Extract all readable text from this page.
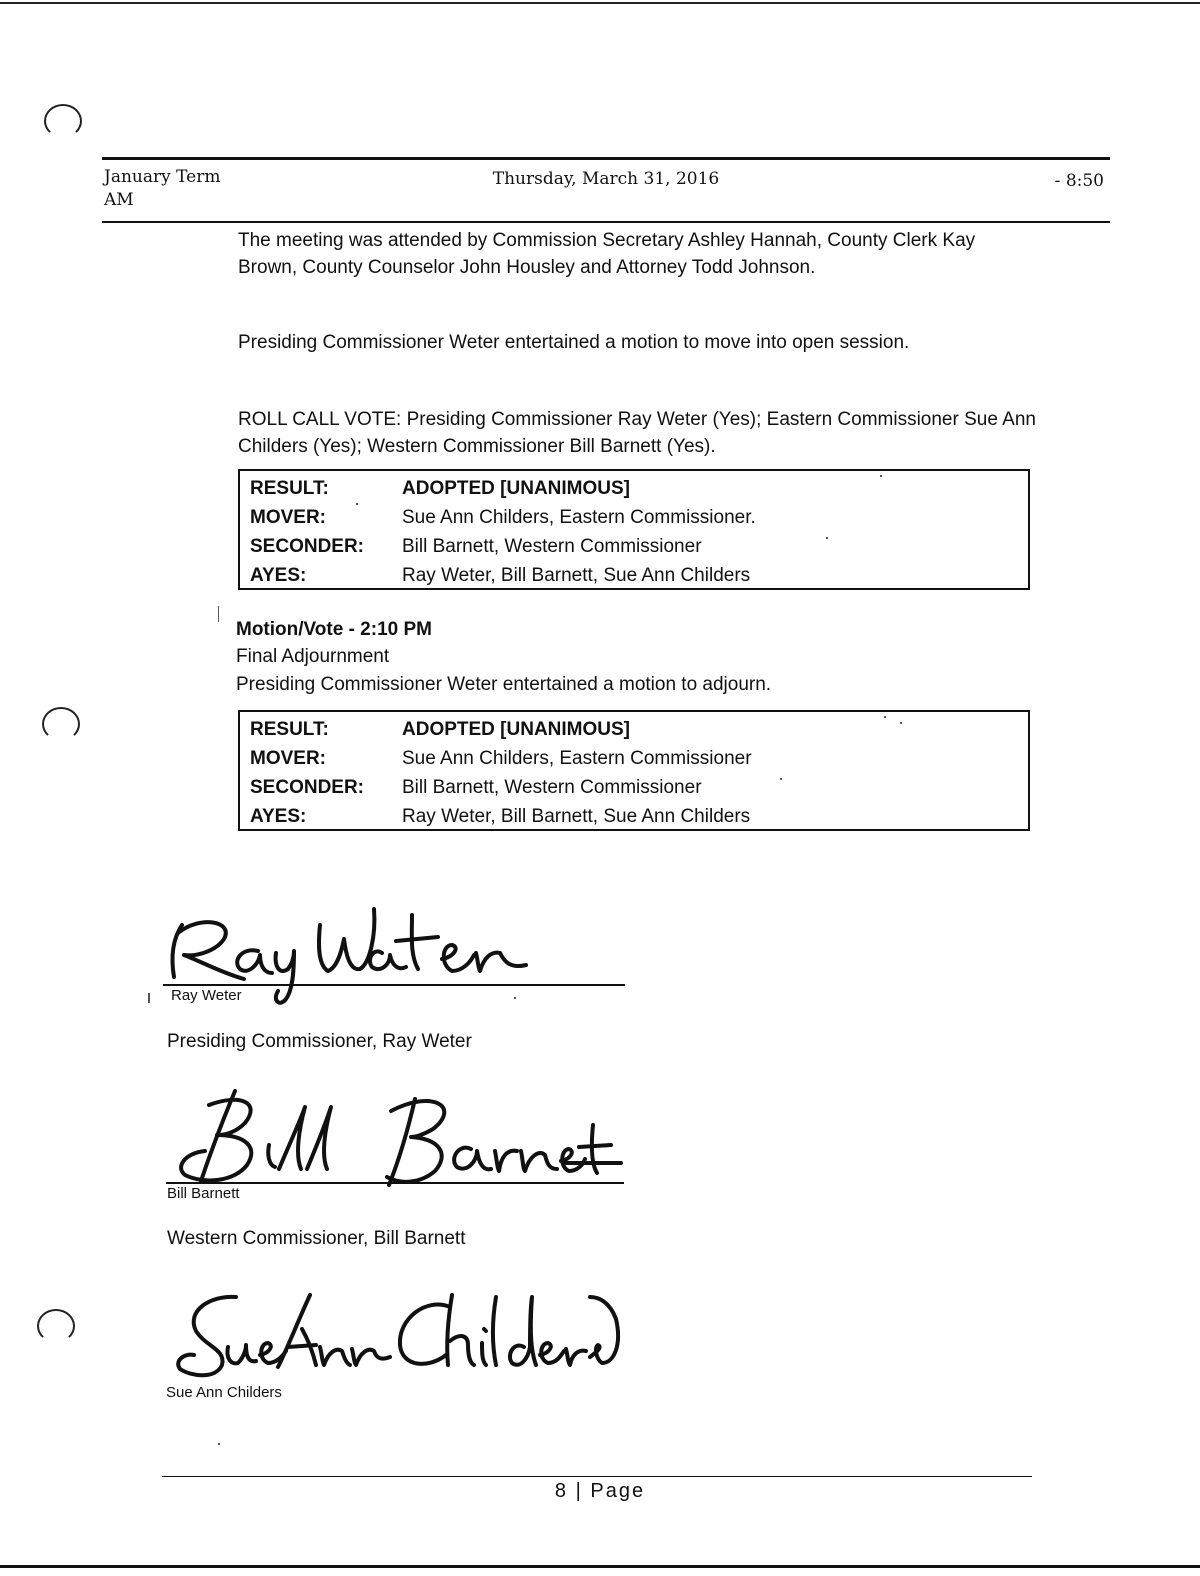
January Term
AM
Thursday, March 31, 2016	- 8:50
The meeting was attended by Commission Secretary Ashley Hannah, County Clerk Kay Brown, County Counselor John Housley and Attorney Todd Johnson.
Presiding Commissioner Weter entertained a motion to move into open session.
ROLL CALL VOTE: Presiding Commissioner Ray Weter (Yes); Eastern Commissioner Sue Ann Childers (Yes); Western Commissioner Bill Barnett (Yes).
RESULT:	ADOPTED [UNANIMOUS]
MOVER:	Sue Ann Childers, Eastern Commissioner.
SECONDER:	Bill Barnett, Western Commissioner
AYES:	Ray Weter, Bill Barnett, Sue Ann Childers
Motion/Vote - 2:10 PM
Final Adjournment
Presiding Commissioner Weter entertained a motion to adjourn.
RESULT:	ADOPTED [UNANIMOUS]
MOVER:	Sue Ann Childers, Eastern Commissioner
SECONDER:	Bill Barnett, Western Commissioner
AYES:	Ray Weter, Bill Barnett, Sue Ann Childers
Ray Weter
Presiding Commissioner, Ray Weter
Bill Barnett
Western Commissioner, Bill Barnett
Sue Ann Childers
8 | Page
